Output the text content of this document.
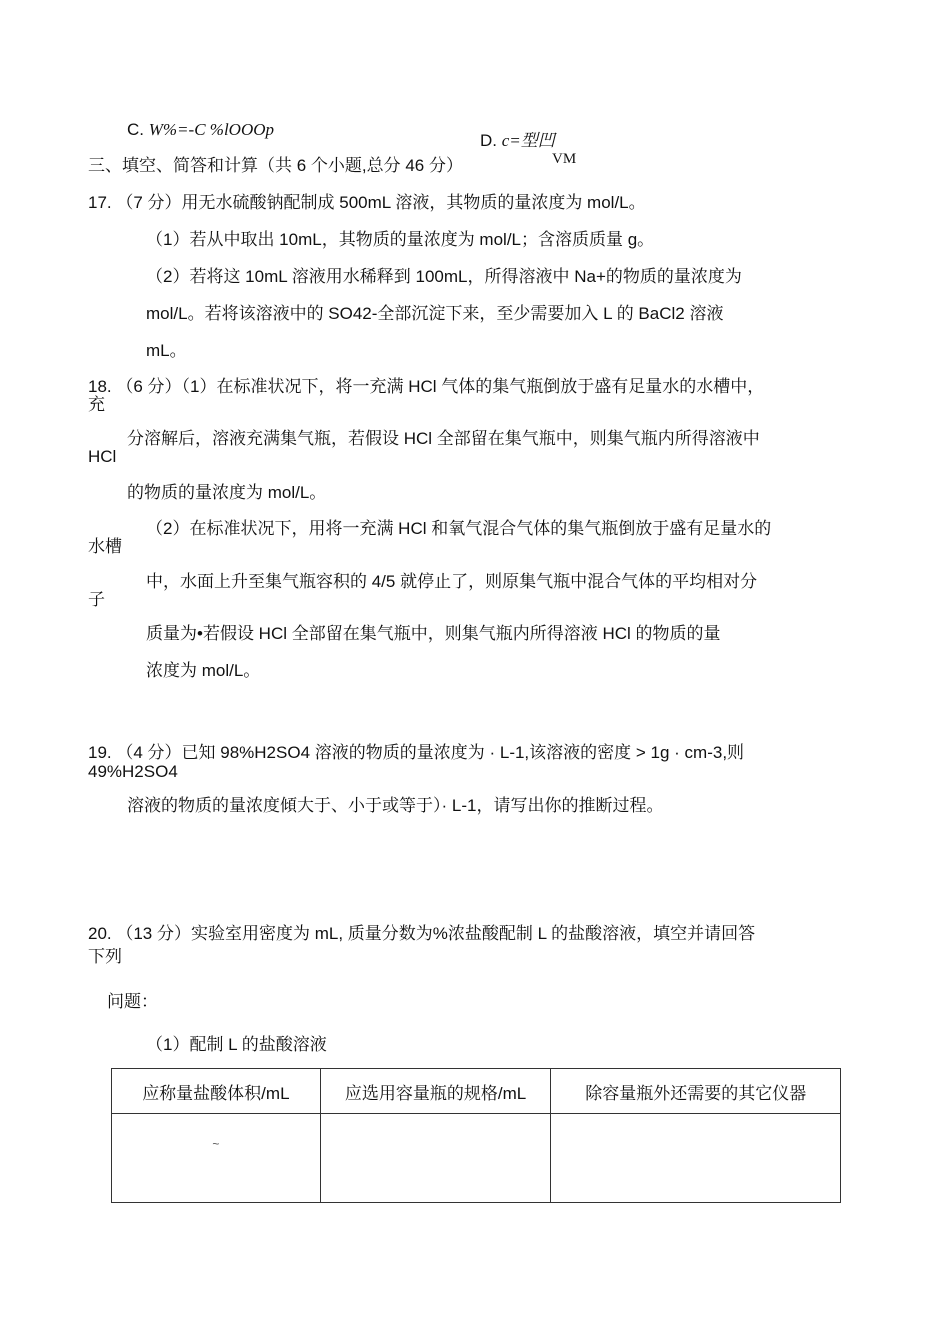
C. W%=-C %lOOOp
D. c=型凹
VM
三、填空、简答和计算（共 6 个小题,总分 46 分）
17. （7 分）用无水硫酸钠配制成 500mL 溶液，其物质的量浓度为 mol/L。
（1）若从中取出 10mL，其物质的量浓度为 mol/L；含溶质质量 g。
（2）若将这 10mL 溶液用水稀释到 100mL，所得溶液中 Na+的物质的量浓度为
mol/L。若将该溶液中的 SO42-全部沉淀下来，至少需要加入 L 的 BaCl2 溶液
mL。
18. （6 分）（1）在标准状况下，将一充满 HCl 气体的集气瓶倒放于盛有足量水的水槽中，
充
分溶解后，溶液充满集气瓶，若假设 HCl 全部留在集气瓶中，则集气瓶内所得溶液中
HCl
的物质的量浓度为 mol/L。
（2）在标准状况下，用将一充满 HCl 和氧气混合气体的集气瓶倒放于盛有足量水的
水槽
中，水面上升至集气瓶容积的 4/5 就停止了，则原集气瓶中混合气体的平均相对分
子
质量为•若假设 HCl 全部留在集气瓶中，则集气瓶内所得溶液 HCl 的物质的量
浓度为 mol/L。
19. （4 分）已知 98%H2SO4 溶液的物质的量浓度为 · L-1,该溶液的密度 > 1g · cm-3,则
49%H2SO4
溶液的物质的量浓度傾大于、小于或等于）· L-1，请写出你的推断过程。
20. （13 分）实验室用密度为 mL, 质量分数为%浓盐酸配制 L 的盐酸溶液，填空并请回答
下列
问题：
（1）配制 L 的盐酸溶液
应称量盐酸体积/mL	应选用容量瓶的规格/mL	除容量瓶外还需要的其它仪器
~		
